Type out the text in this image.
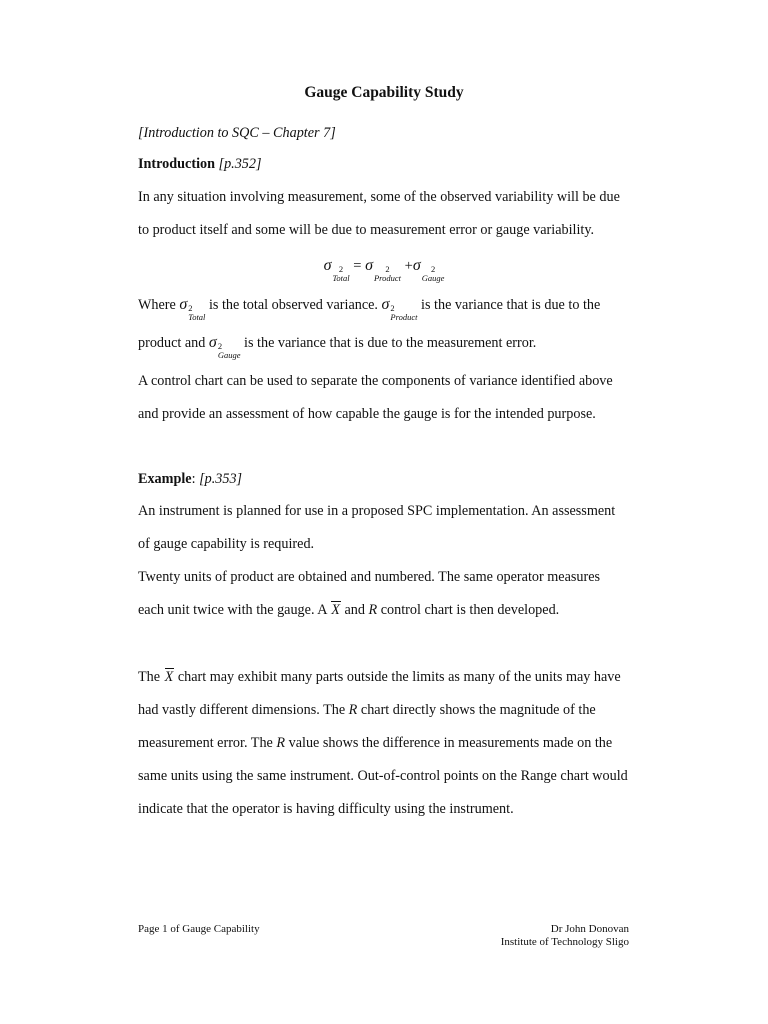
Gauge Capability Study
[Introduction to SQC – Chapter 7]
Introduction [p.352]
In any situation involving measurement, some of the observed variability will be due
to product itself and some will be due to measurement error or gauge variability.
σ 2
Total
= σ	2
Product
+σ	2
Gauge
Where σ 2
Total
is the total observed variance. σ 2
Product
is the variance that is due to the
product and σ 2
Gauge
is the variance that is due to the measurement error.
A control chart can be used to separate the components of variance identified above
and provide an assessment of how capable the gauge is for the intended purpose.
Example: [p.353]
An instrument is planned for use in a proposed SPC implementation. An assessment
of gauge capability is required.
Twenty units of product are obtained and numbered. The same operator measures
each unit twice with the gauge. A X and R control chart is then developed.
The X chart may exhibit many parts outside the limits as many of the units may have
had vastly different dimensions. The R chart directly shows the magnitude of the
measurement error. The R value shows the difference in measurements made on the
same units using the same instrument. Out-of-control points on the Range chart would
indicate that the operator is having difficulty using the instrument.
Page 1 of Gauge Capability	Dr John Donovan
Institute of Technology Sligo
